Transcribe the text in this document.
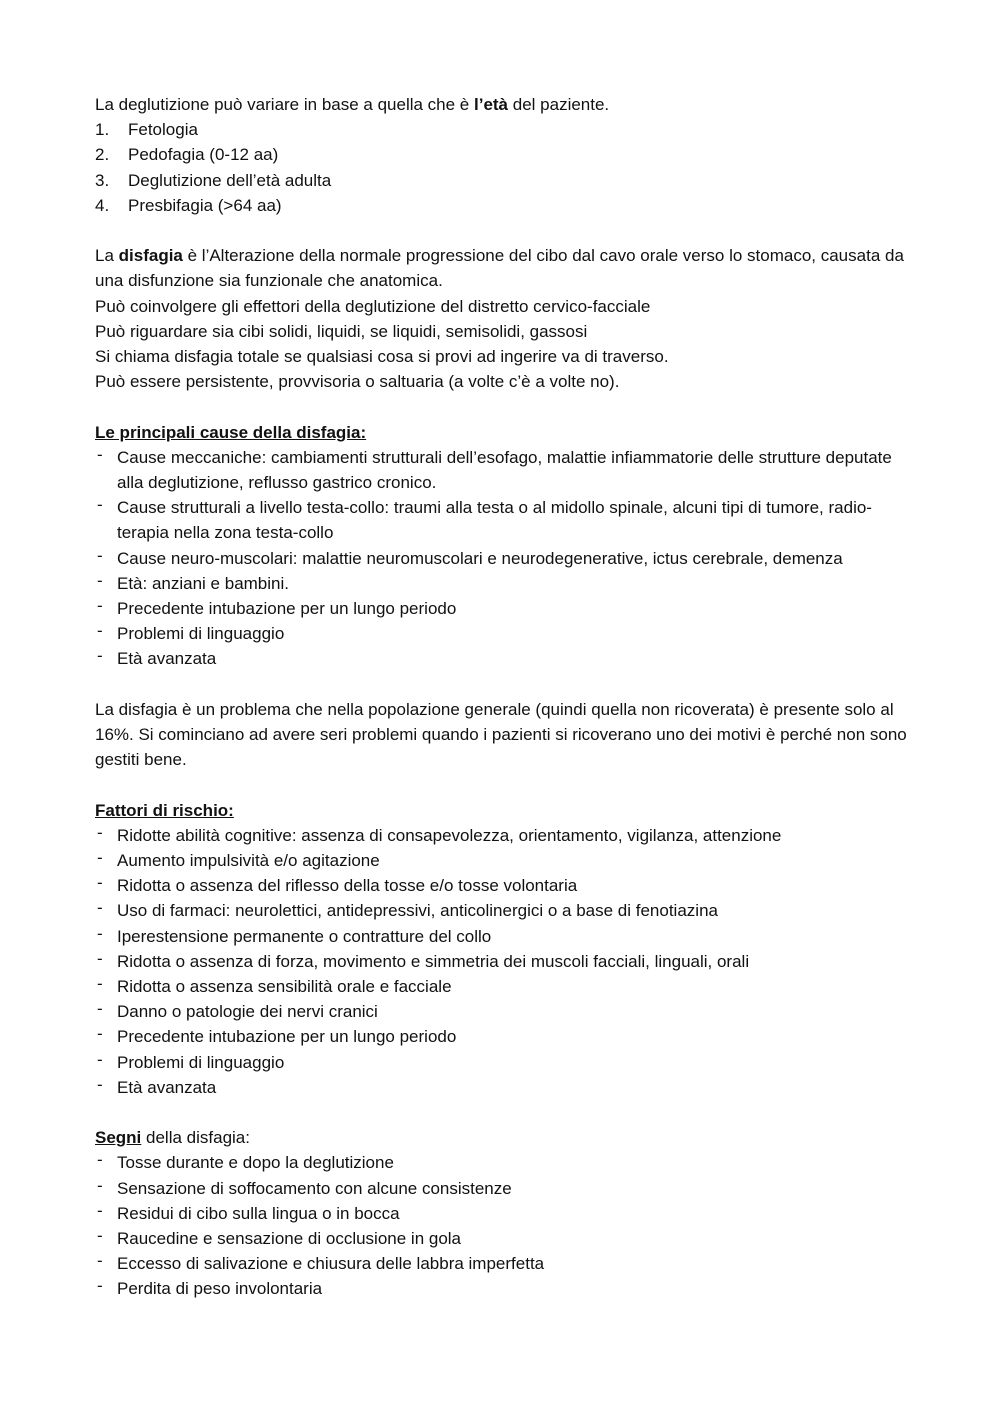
La deglutizione può variare in base a quella che è l’età del paziente.

1. Fetologia
2. Pedofagia (0-12 aa)
3. Deglutizione dell’età adulta
4. Presbifagia (>64 aa)

La disfagia è l’Alterazione della normale progressione del cibo dal cavo orale verso lo stomaco, causata da una disfunzione sia funzionale che anatomica.

Può coinvolgere gli effettori della deglutizione del distretto cervico-facciale

Può riguardare sia cibi solidi, liquidi, se liquidi, semisolidi, gassosi

Si chiama disfagia totale se qualsiasi cosa si provi ad ingerire va di traverso.

Può essere persistente, provvisoria o saltuaria (a volte c’è a volte no).

Le principali cause della disfagia:

- Cause meccaniche: cambiamenti strutturali dell’esofago, malattie infiammatorie delle strutture deputate alla deglutizione, reflusso gastrico cronico.
- Cause strutturali a livello testa-collo: traumi alla testa o al midollo spinale, alcuni tipi di tumore, radio-terapia nella zona testa-collo
- Cause neuro-muscolari: malattie neuromuscolari e neurodegenerative, ictus cerebrale, demenza
- Età: anziani e bambini.
- Precedente intubazione per un lungo periodo
- Problemi di linguaggio
- Età avanzata

La disfagia è un problema che nella popolazione generale (quindi quella non ricoverata) è presente solo al 16%. Si cominciano ad avere seri problemi quando i pazienti si ricoverano uno dei motivi è perché non sono gestiti bene.

Fattori di rischio:

- Ridotte abilità cognitive: assenza di consapevolezza, orientamento, vigilanza, attenzione
- Aumento impulsività e/o agitazione
- Ridotta o assenza del riflesso della tosse e/o tosse volontaria
- Uso di farmaci: neurolettici, antidepressivi, anticolinergici o a base di fenotiazina
- Iperestensione permanente o contratture del collo
- Ridotta o assenza di forza, movimento e simmetria dei muscoli facciali, linguali, orali
- Ridotta o assenza sensibilità orale e facciale
- Danno o patologie dei nervi cranici
- Precedente intubazione per un lungo periodo
- Problemi di linguaggio
- Età avanzata

Segni della disfagia:

- Tosse durante e dopo la deglutizione
- Sensazione di soffocamento con alcune consistenze
- Residui di cibo sulla lingua o in bocca
- Raucedine e sensazione di occlusione in gola
- Eccesso di salivazione e chiusura delle labbra imperfetta
- Perdita di peso involontaria
